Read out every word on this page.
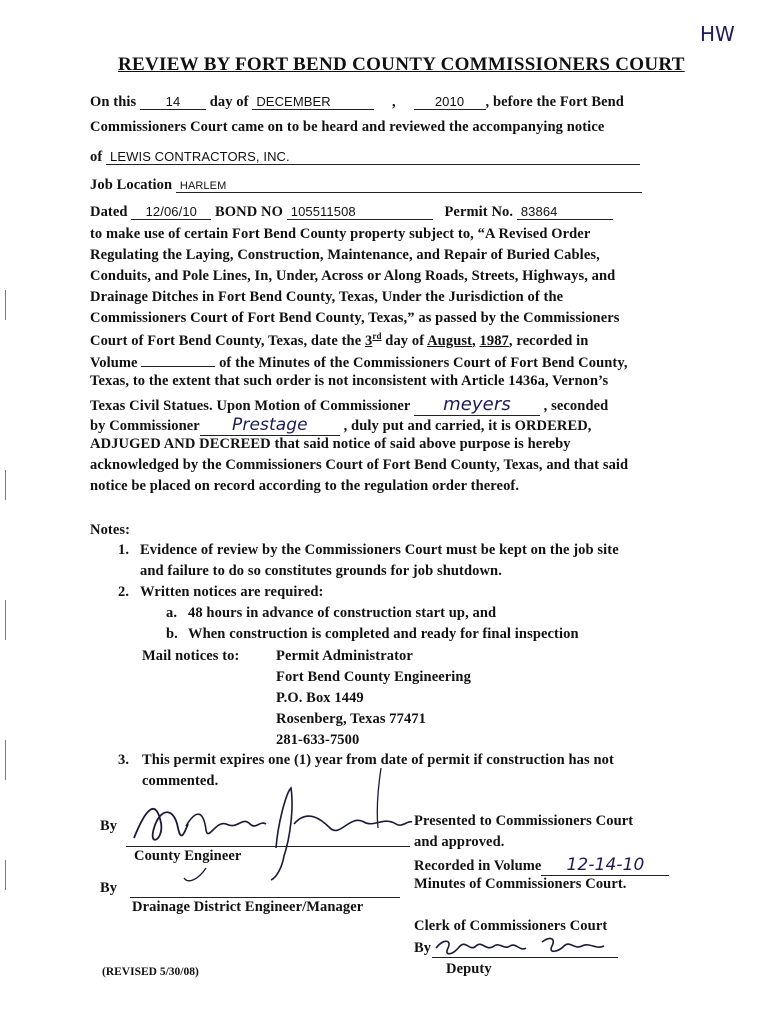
HW
REVIEW BY FORT BEND COUNTY COMMISSIONERS COURT
On this 14 day of DECEMBER	,	2010 , before the Fort Bend
Commissioners Court came on to be heard and reviewed the accompanying notice
of LEWIS CONTRACTORS, INC.
Job Location HARLEM
Dated 12/06/10 BOND NO 105511508	Permit No. 83864
to make use of certain Fort Bend County property subject to, “A Revised Order
Regulating the Laying, Construction, Maintenance, and Repair of Buried Cables,
Conduits, and Pole Lines, In, Under, Across or Along Roads, Streets, Highways, and
Drainage Ditches in Fort Bend County, Texas, Under the Jurisdiction of the
Commissioners Court of Fort Bend County, Texas,” as passed by the Commissioners
Court of Fort Bend County, Texas, date the 3rd day of August, 1987, recorded in
Volume	of the Minutes of the Commissioners Court of Fort Bend County,
Texas, to the extent that such order is not inconsistent with Article 1436a, Vernon’s
Texas Civil Statues. Upon Motion of Commissioner meyers , seconded
by Commissioner Prestage , duly put and carried, it is ORDERED,
ADJUGED AND DECREED that said notice of said above purpose is hereby
acknowledged by the Commissioners Court of Fort Bend County, Texas, and that said
notice be placed on record according to the regulation order thereof.
Notes:
1. Evidence of review by the Commissioners Court must be kept on the job site
and failure to do so constitutes grounds for job shutdown.
2. Written notices are required:
a. 48 hours in advance of construction start up, and
b. When construction is completed and ready for final inspection
Mail notices to:	Permit Administrator
Fort Bend County Engineering
P.O. Box 1449
Rosenberg, Texas 77471
281-633-7500
3. This permit expires one (1) year from date of permit if construction has not
commented.
By
County Engineer
By
Drainage District Engineer/Manager
Presented to Commissioners Court
and approved.
Recorded in Volume 12-14-10
Minutes of Commissioners Court.
Clerk of Commissioners Court
By
Deputy
(REVISED 5/30/08)
